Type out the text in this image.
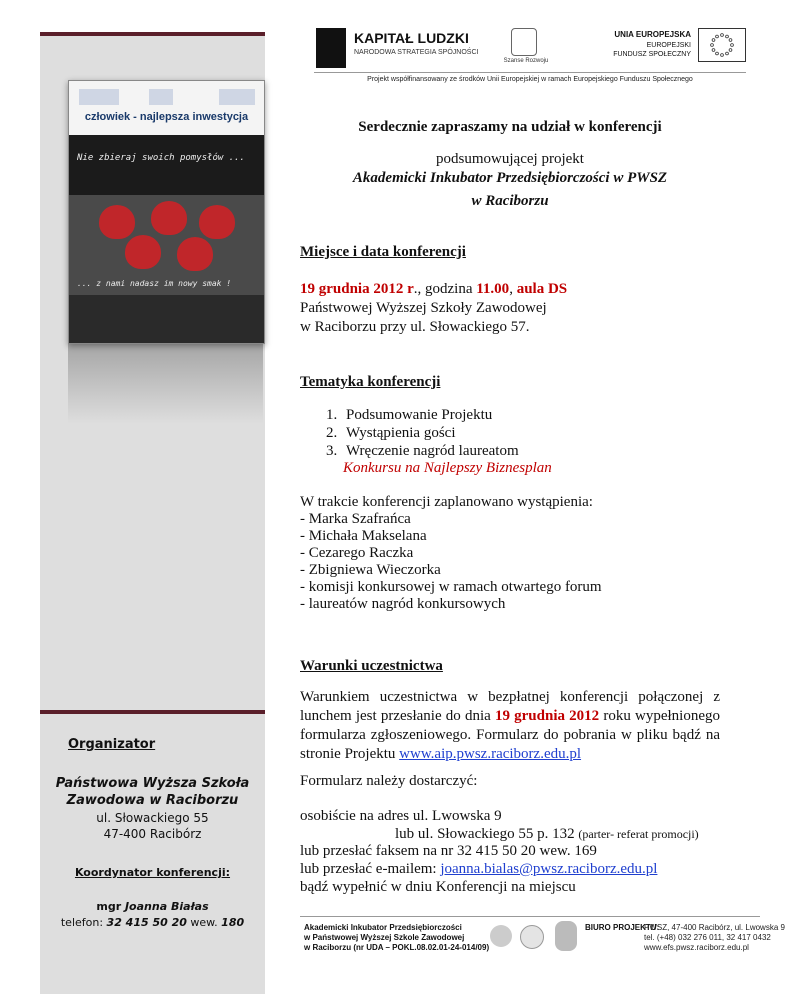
człowiek - najlepsza inwestycja
Nie zbieraj swoich pomysłów ...
... z nami nadasz im nowy smak !
Organizator
Państwowa Wyższa Szkoła
Zawodowa w Raciborzu
ul. Słowackiego 55
47-400 Racibórz
Koordynator konferencji:
mgr Joanna Białas
telefon: 32 415 50 20 wew. 180
KAPITAŁ LUDZKI
NARODOWA STRATEGIA SPÓJNOŚCI
Szanse Rozwoju
UNIA EUROPEJSKA
EUROPEJSKI
FUNDUSZ SPOŁECZNY
Projekt współfinansowany ze środków Unii Europejskiej w ramach Europejskiego Funduszu Społecznego
Serdecznie zapraszamy na udział w konferencji
podsumowującej projekt
Akademicki Inkubator Przedsiębiorczości w PWSZ
w Raciborzu
Miejsce i data konferencji
19 grudnia 2012 r., godzina 11.00, aula DS
Państwowej Wyższej Szkoły Zawodowej
w Raciborzu przy ul. Słowackiego 57.
Tematyka konferencji
1. Podsumowanie Projektu
2. Wystąpienia gości
3. Wręczenie nagród laureatom
Konkursu na Najlepszy Biznesplan
W trakcie konferencji zaplanowano wystąpienia:
- Marka Szafrańca
- Michała Makselana
- Cezarego Raczka
- Zbigniewa Wieczorka
- komisji konkursowej w ramach otwartego forum
- laureatów nagród konkursowych
Warunki uczestnictwa
Warunkiem uczestnictwa w bezpłatnej konferencji połączonej z lunchem jest przesłanie do dnia 19 grudnia 2012 roku wypełnionego formularza zgłoszeniowego. Formularz do pobrania w pliku bądź na stronie Projektu www.aip.pwsz.raciborz.edu.pl
Formularz należy dostarczyć:
osobiście na adres ul. Lwowska 9
lub ul. Słowackiego 55 p. 132 (parter- referat promocji)
lub przesłać faksem na nr 32 415 50 20 wew. 169
lub przesłać e-mailem: joanna.bialas@pwsz.raciborz.edu.pl
bądź wypełnić w dniu Konferencji na miejscu
Akademicki Inkubator Przedsiębiorczości
w Państwowej Wyższej Szkole Zawodowej
w Raciborzu (nr UDA – POKL.08.02.01-24-014/09)
BIURO PROJEKTU:
PWSZ, 47-400 Racibórz, ul. Lwowska 9
tel. (+48) 032 276 011, 32 417 0432
www.efs.pwsz.raciborz.edu.pl
